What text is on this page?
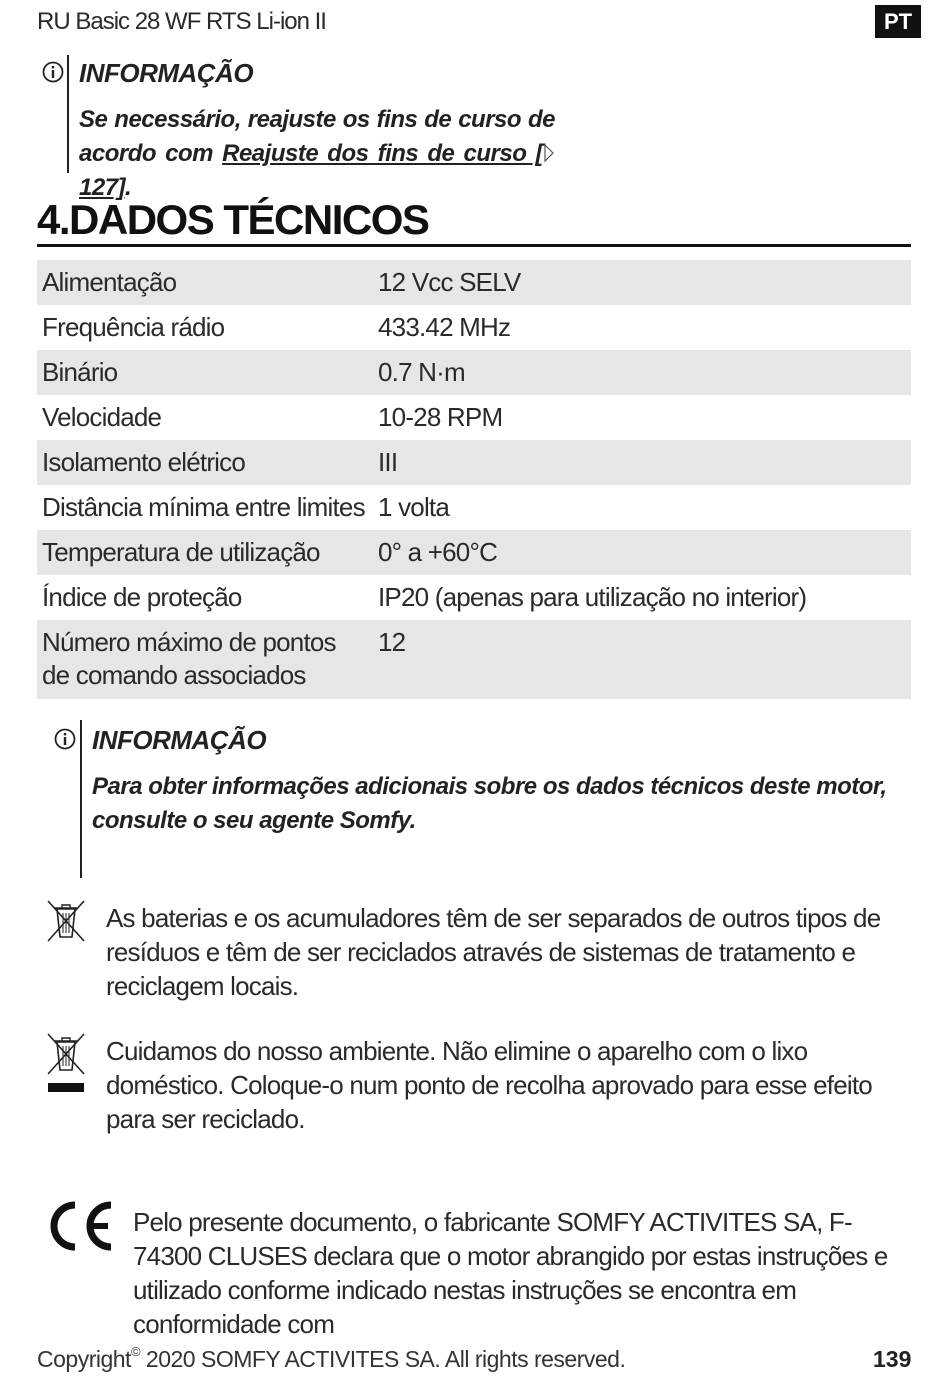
RU Basic 28 WF RTS Li-ion II	PT
INFORMAÇÃO
Se necessário, reajuste os fins de curso de acordo com Reajuste dos fins de curso [ 127].
4.DADOS TÉCNICOS
Alimentação	12 Vcc SELV
Frequência rádio	433.42 MHz
Binário	0.7 N·m
Velocidade	10-28 RPM
Isolamento elétrico	III
Distância mínima entre limites	1 volta
Temperatura de utilização	0° a +60°C
Índice de proteção	IP20 (apenas para utilização no interior)
Número máximo de pontos de comando associados	12
INFORMAÇÃO
Para obter informações adicionais sobre os dados técnicos deste motor, consulte o seu agente Somfy.
As baterias e os acumuladores têm de ser separados de outros tipos de resíduos e têm de ser reciclados através de sistemas de tratamento e reciclagem locais.
Cuidamos do nosso ambiente. Não elimine o aparelho com o lixo doméstico. Coloque-o num ponto de recolha aprovado para esse efeito para ser reciclado.
Pelo presente documento, o fabricante SOMFY ACTIVITES SA, F-74300 CLUSES declara que o motor abrangido por estas instruções e utilizado conforme indicado nestas instruções se encontra em conformidade com
Copyright© 2020 SOMFY ACTIVITES SA. All rights reserved.	139
